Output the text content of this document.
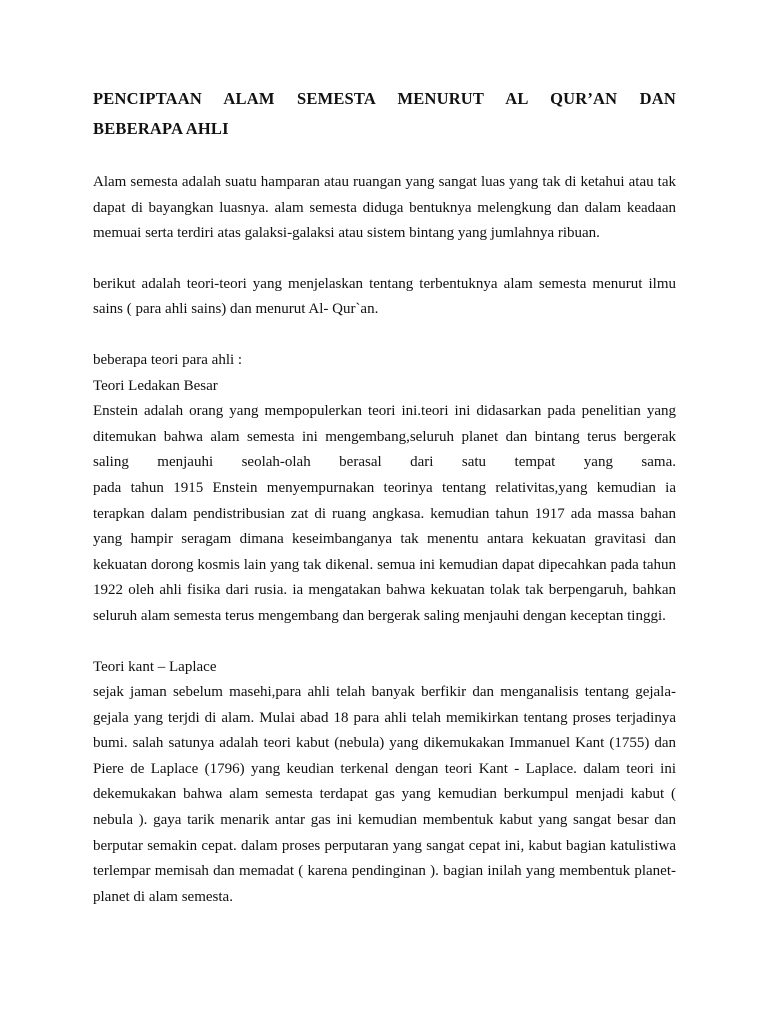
PENCIPTAAN ALAM SEMESTA MENURUT AL QUR’AN DAN
BEBERAPA AHLI

Alam semesta adalah suatu hamparan atau ruangan yang sangat luas yang tak di ketahui atau tak dapat di bayangkan luasnya. alam semesta diduga bentuknya melengkung dan dalam keadaan memuai serta terdiri atas galaksi-galaksi atau sistem bintang yang jumlahnya ribuan.

berikut adalah teori-teori yang menjelaskan tentang terbentuknya alam semesta menurut ilmu sains ( para ahli sains) dan menurut Al- Qur`an.

beberapa teori para ahli :
Teori Ledakan Besar

Enstein adalah orang yang mempopulerkan teori ini.teori ini didasarkan pada penelitian yang ditemukan bahwa alam semesta ini mengembang,seluruh planet dan bintang terus bergerak saling menjauhi seolah-olah berasal dari satu tempat yang sama.

pada tahun 1915 Enstein menyempurnakan teorinya tentang relativitas,yang kemudian ia terapkan dalam pendistribusian zat di ruang angkasa. kemudian tahun 1917 ada massa bahan yang hampir seragam dimana keseimbanganya tak menentu antara kekuatan gravitasi dan kekuatan dorong kosmis lain yang tak dikenal. semua ini kemudian dapat dipecahkan pada tahun 1922 oleh ahli fisika dari rusia. ia mengatakan bahwa kekuatan tolak tak berpengaruh, bahkan seluruh alam semesta terus mengembang dan bergerak saling menjauhi dengan keceptan tinggi.

Teori kant – Laplace

sejak jaman sebelum masehi,para ahli telah banyak berfikir dan menganalisis tentang gejala-gejala yang terjdi di alam. Mulai abad 18 para ahli telah memikirkan tentang proses terjadinya bumi. salah satunya adalah teori kabut (nebula) yang dikemukakan Immanuel Kant (1755) dan Piere de Laplace (1796) yang keudian terkenal dengan teori Kant - Laplace. dalam teori ini dekemukakan bahwa alam semesta terdapat gas yang kemudian berkumpul menjadi kabut ( nebula ). gaya tarik menarik antar gas ini kemudian membentuk kabut yang sangat besar dan berputar semakin cepat. dalam proses perputaran yang sangat cepat ini, kabut bagian katulistiwa terlempar memisah dan memadat ( karena pendinginan ). bagian inilah yang membentuk planet-planet di alam semesta.
